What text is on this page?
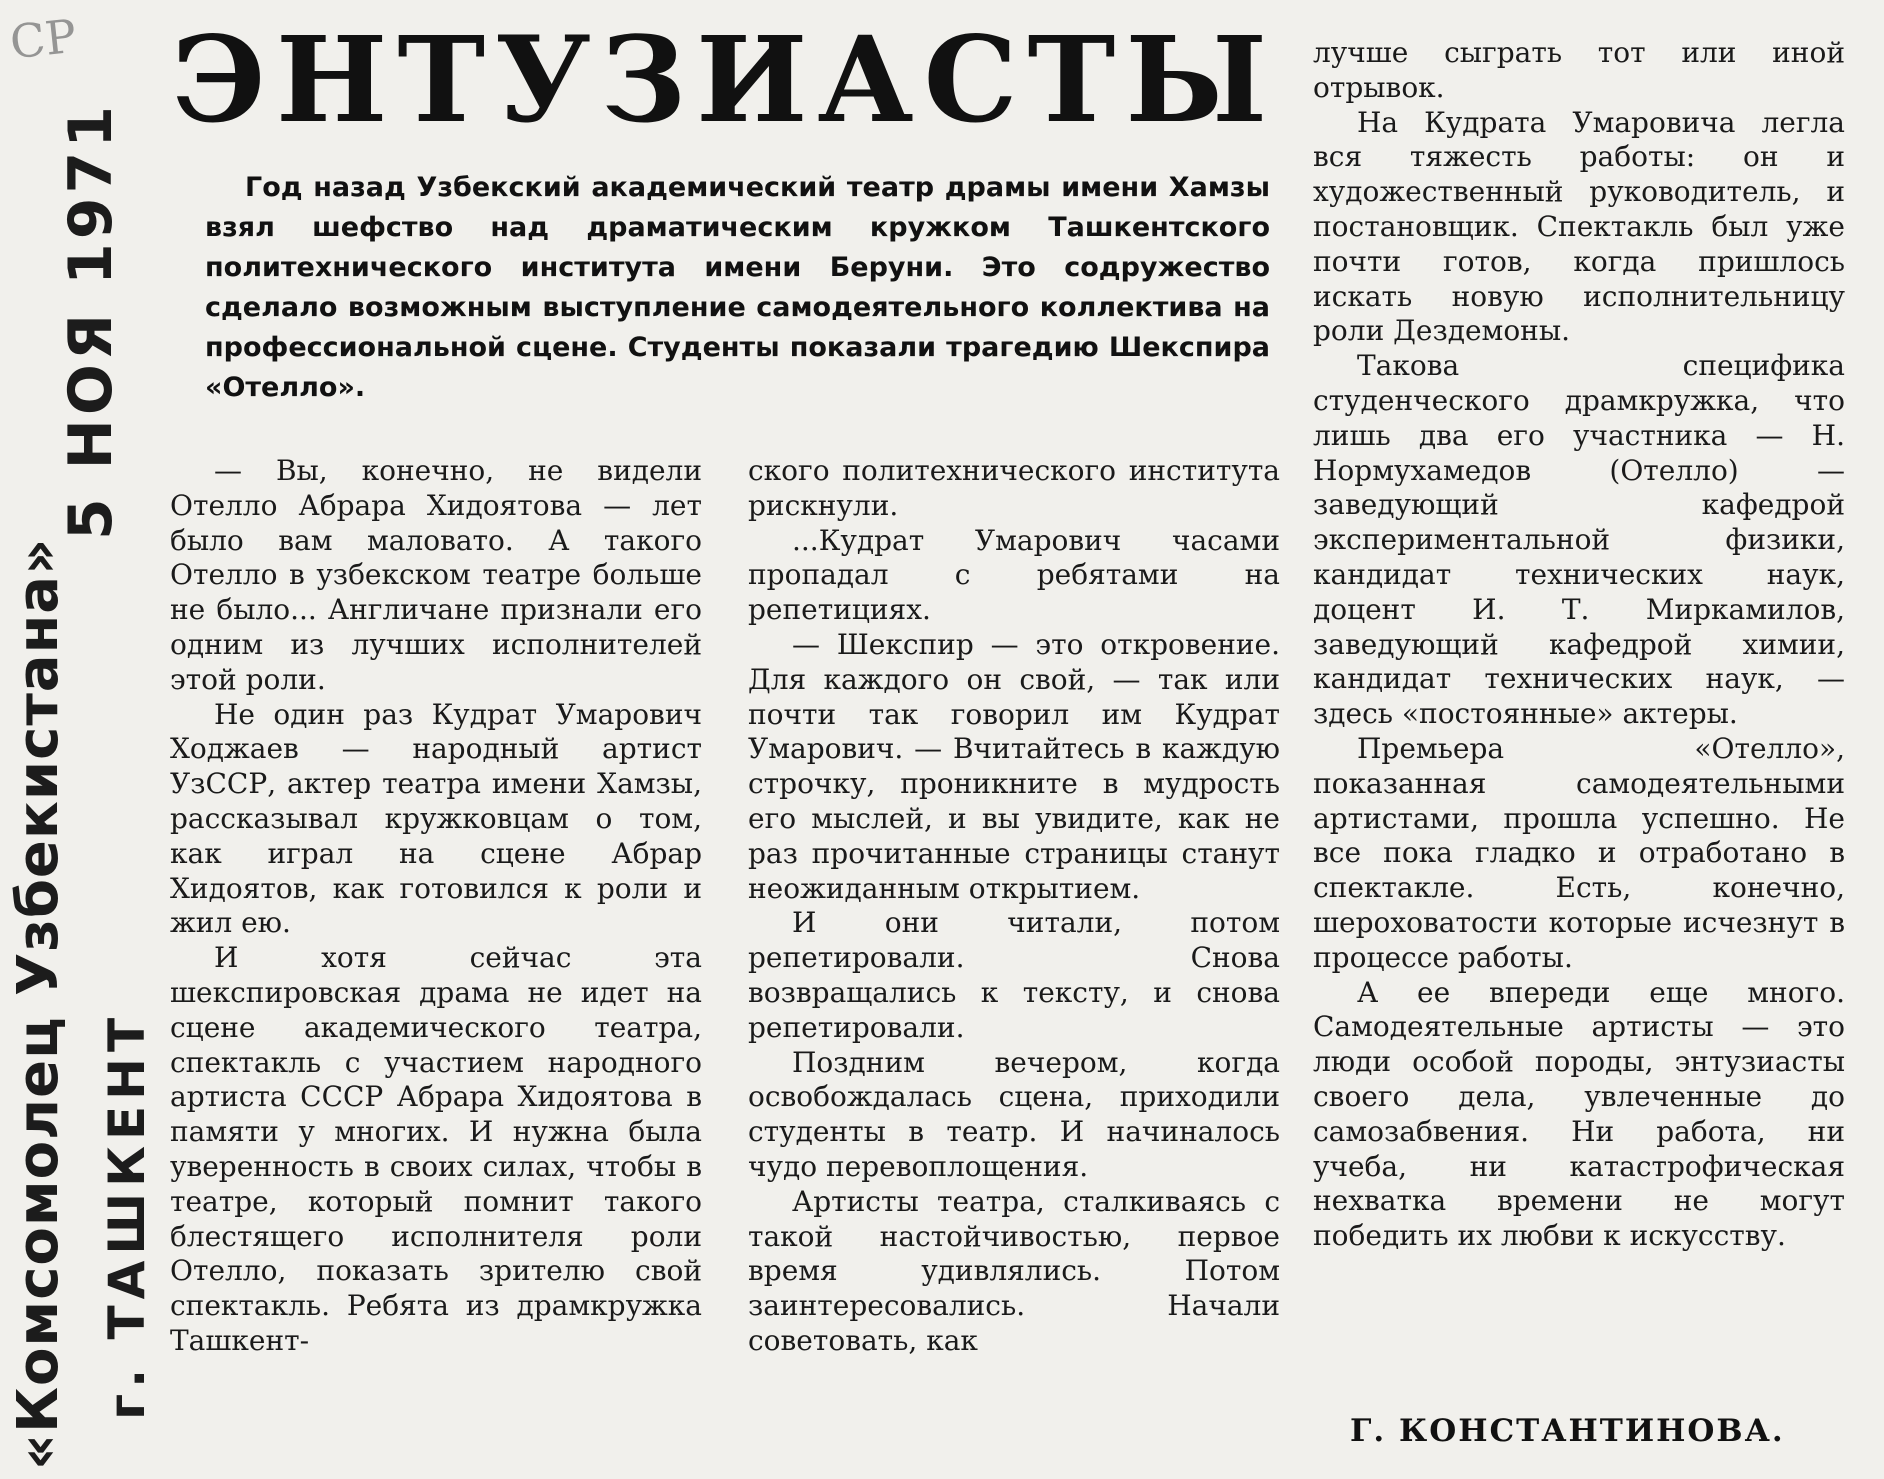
СР
5 НОЯ 1971
«Комсомолец Узбекистана» г. ТАШКЕНТ
ЭНТУЗИАСТЫ

Год назад Узбекский академический театр драмы имени Хамзы взял шефство над драматическим кружком Ташкентского политехнического института имени Беруни. Это содружество сделало возможным выступление самодеятельного коллектива на профессиональной сцене. Студенты показали трагедию Шекспира «Отелло».

— Вы, конечно, не видели Отелло Абрара Хидоятова — лет было вам маловато. А такого Отелло в узбекском театре больше не было... Англичане признали его одним из лучших исполнителей этой роли.

Не один раз Кудрат Умарович Ходжаев — народный артист УзССР, актер театра имени Хамзы, рассказывал кружковцам о том, как играл на сцене Абрар Хидоятов, как готовился к роли и жил ею.

И хотя сейчас эта шекспировская драма не идет на сцене академического театра, спектакль с участием народного артиста СССР Абрара Хидоятова в памяти у многих. И нужна была уверенность в своих силах, чтобы в театре, который помнит такого блестящего исполнителя роли Отелло, показать зрителю свой спектакль. Ребята из драмкружка Ташкент-

ского политехнического института рискнули.

...Кудрат Умарович часами пропадал с ребятами на репетициях.

— Шекспир — это откровение. Для каждого он свой, — так или почти так говорил им Кудрат Умарович. — Вчитайтесь в каждую строчку, проникните в мудрость его мыслей, и вы увидите, как не раз прочитанные страницы станут неожиданным открытием.

И они читали, потом репетировали. Снова возвращались к тексту, и снова репетировали.

Поздним вечером, когда освобождалась сцена, приходили студенты в театр. И начиналось чудо перевоплощения.

Артисты театра, сталкиваясь с такой настойчивостью, первое время удивлялись. Потом заинтересовались. Начали советовать, как

лучше сыграть тот или иной отрывок.

На Кудрата Умаровича легла вся тяжесть работы: он и художественный руководитель, и постановщик. Спектакль был уже почти готов, когда пришлось искать новую исполнительницу роли Дездемоны.

Такова специфика студенческого драмкружка, что лишь два его участника — Н. Нормухамедов (Отелло) — заведующий кафедрой экспериментальной физики, кандидат технических наук, доцент И. Т. Миркамилов, заведующий кафедрой химии, кандидат технических наук, — здесь «постоянные» актеры.

Премьера «Отелло», показанная самодеятельными артистами, прошла успешно. Не все пока гладко и отработано в спектакле. Есть, конечно, шероховатости которые исчезнут в процессе работы.

А ее впереди еще много. Самодеятельные артисты — это люди особой породы, энтузиасты своего дела, увлеченные до самозабвения. Ни работа, ни учеба, ни катастрофическая нехватка времени не могут победить их любви к искусству.

Г. КОНСТАНТИНОВА.
